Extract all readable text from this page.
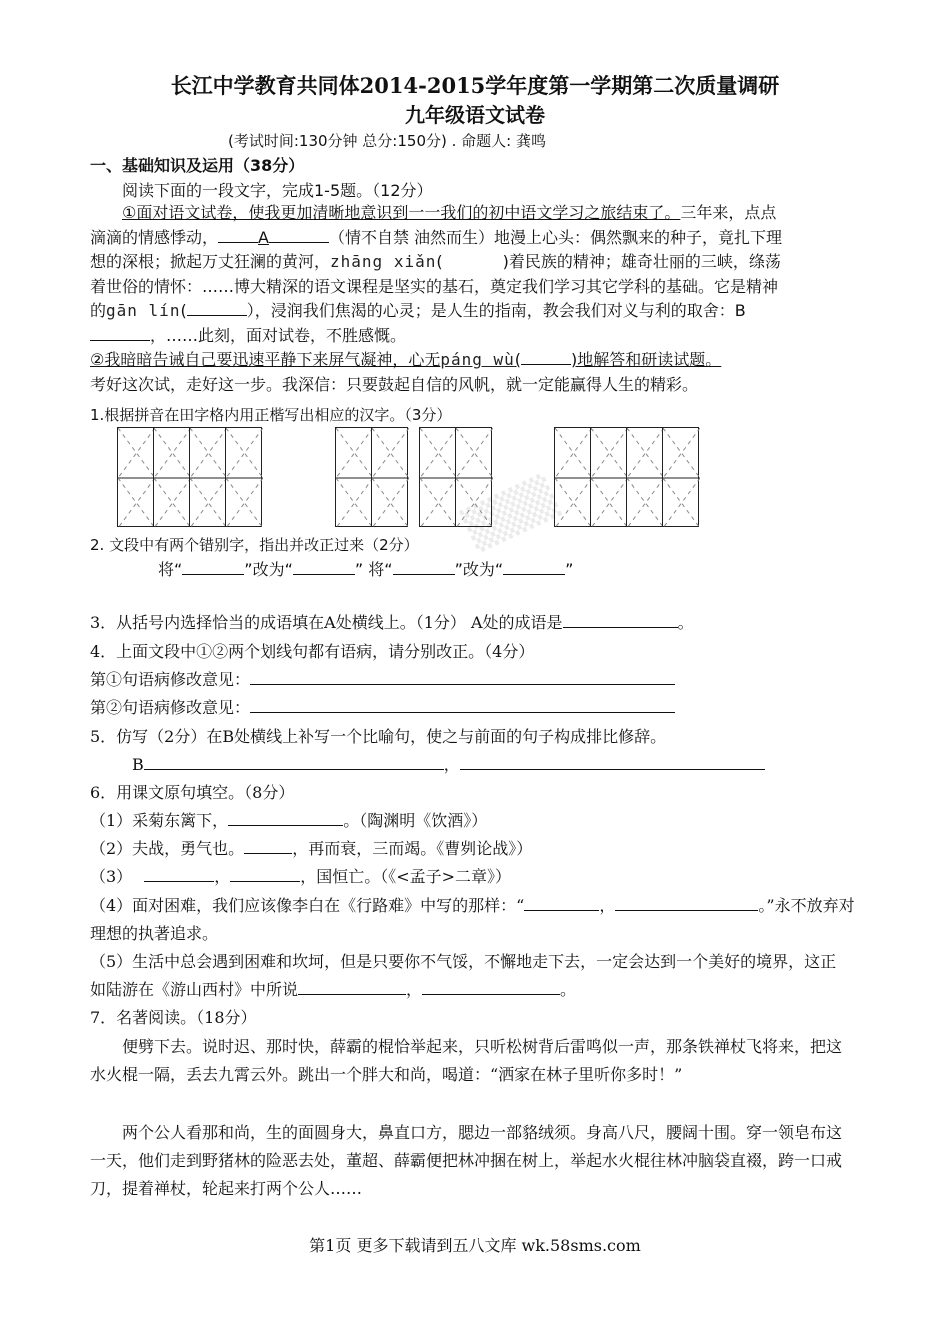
▒▒▒
长江中学教育共同体2014-2015学年度第一学期第二次质量调研
九年级语文试卷
(考试时间:130分钟 总分:150分) . 命题人: 龚鸣
一、基础知识及运用（38分）
阅读下面的一段文字，完成1-5题。（12分）
①面对语文试卷，使我更加清晰地意识到一一我们的初中语文学习之旅结束了。三年来，点点滴滴的情感悸动，	A	（情不自禁 油然而生）地漫上心头：偶然飘来的种子，竟扎下理想的深根；掀起万丈狂澜的黄河，zhāng xiǎn(	)着民族的精神；雄奇壮丽的三峡，绦荡着世俗的情怀：……博大精深的语文课程是坚实的基石，奠定我们学习其它学科的基础。它是精神的gān lín(	），浸润我们焦渴的心灵；是人生的指南，教会我们对义与利的取舍：B，……此刻，面对试卷，不胜感慨。
②我暗暗告诫自己要迅速平静下来屏气凝神，心无páng wù(	)地解答和研读试题。
考好这次试，走好这一步。我深信：只要鼓起自信的风帆，就一定能赢得人生的精彩。
1.根据拼音在田字格内用正楷写出相应的汉字。（3分）
2. 文段中有两个错别字，指出并改正过来（2分）
将“	”改为“	” 将“	”改为“	”
3．从括号内选择恰当的成语填在A处横线上。（1分） A处的成语是	。
4．上面文段中①②两个划线句都有语病，请分别改正。（4分）
第①句语病修改意见：
第②句语病修改意见：
5．仿写（2分）在B处横线上补写一个比喻句，使之与前面的句子构成排比修辞。
B	，
6．用课文原句填空。（8分）
（1）采菊东篱下，	。（陶渊明《饮酒》）
（2）夫战，勇气也。	，再而衰，三而竭。《曹刿论战》）
（3）	，	，国恒亡。（《<孟子>二章》）
（4）面对困难，我们应该像李白在《行路难》中写的那样：“	，	。”永不放弃对理想的执著追求。
（5）生活中总会遇到困难和坎坷，但是只要你不气馁，不懈地走下去，一定会达到一个美好的境界，这正如陆游在《游山西村》中所说	，	。
7．名著阅读。（18分）
便劈下去。说时迟、那时快，薛霸的棍恰举起来，只听松树背后雷鸣似一声，那条铁禅杖飞将来，把这水火棍一隔，丢去九霄云外。跳出一个胖大和尚，喝道：“洒家在林子里听你多时！”
两个公人看那和尚，生的面圆身大，鼻直口方，腮边一部貉绒须。身高八尺，腰阔十围。穿一领皂布这一天，他们走到野猪林的险恶去处，董超、薛霸便把林冲捆在树上，举起水火棍往林冲脑袋直裰，跨一口戒刀，提着禅杖，轮起来打两个公人……
第1页 更多下载请到五八文库 wk.58sms.com
